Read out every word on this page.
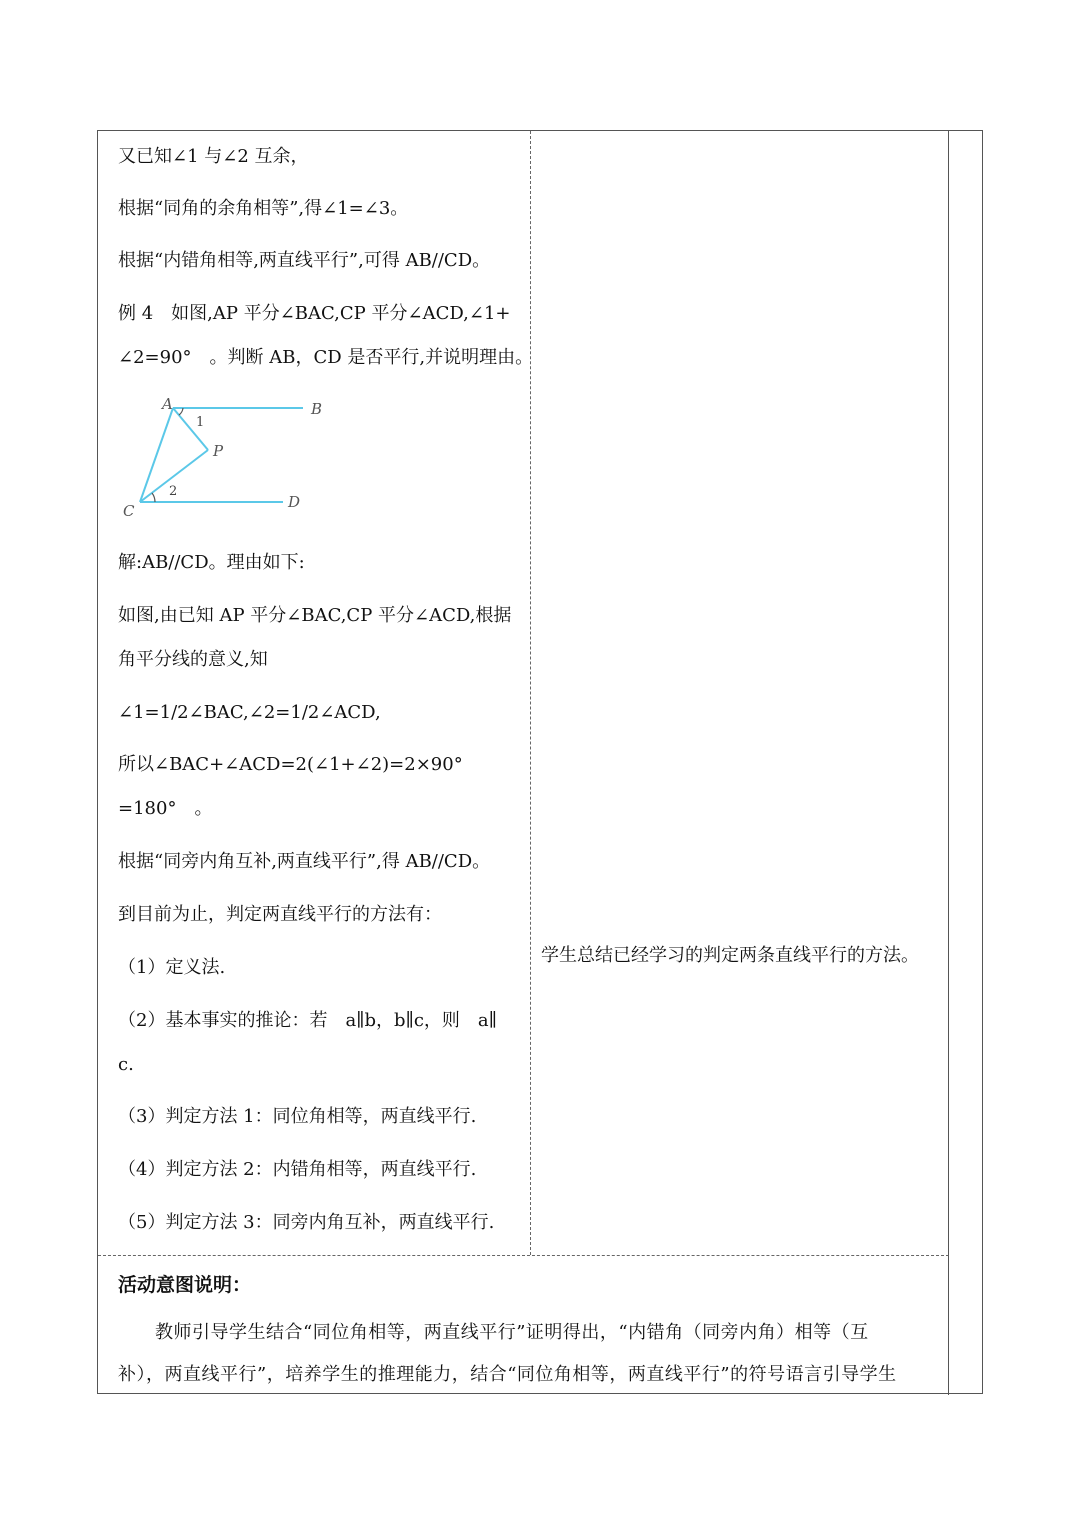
又已知∠1 与∠2 互余，
根据“同角的余角相等”,得∠1=∠3。
根据“内错角相等,两直线平行”,可得 AB//CD。
例 4　如图,AP 平分∠BAC,CP 平分∠ACD,∠1+
∠2=90°　。判断 AB，CD 是否平行,并说明理由。
解:AB//CD。理由如下:
如图,由已知 AP 平分∠BAC,CP 平分∠ACD,根据
角平分线的意义,知
∠1=1/2∠BAC,∠2=1/2∠ACD,
所以∠BAC+∠ACD=2(∠1+∠2)=2×90°
=180°　。
根据“同旁内角互补,两直线平行”,得 AB//CD。
到目前为止，判定两直线平行的方法有：
（1）定义法.
（2）基本事实的推论：若　a∥b，b∥c，则　a∥
c.
（3）判定方法 1：同位角相等，两直线平行.
（4）判定方法 2：内错角相等，两直线平行.
（5）判定方法 3：同旁内角互补，两直线平行.
学生总结已经学习的判定两条直线平行的方法。
活动意图说明：
　　教师引导学生结合“同位角相等，两直线平行”证明得出，“内错角（同旁内角）相等（互
补），两直线平行”，培养学生的推理能力，结合“同位角相等，两直线平行”的符号语言引导学生
A	B
P
C	D
1
2
